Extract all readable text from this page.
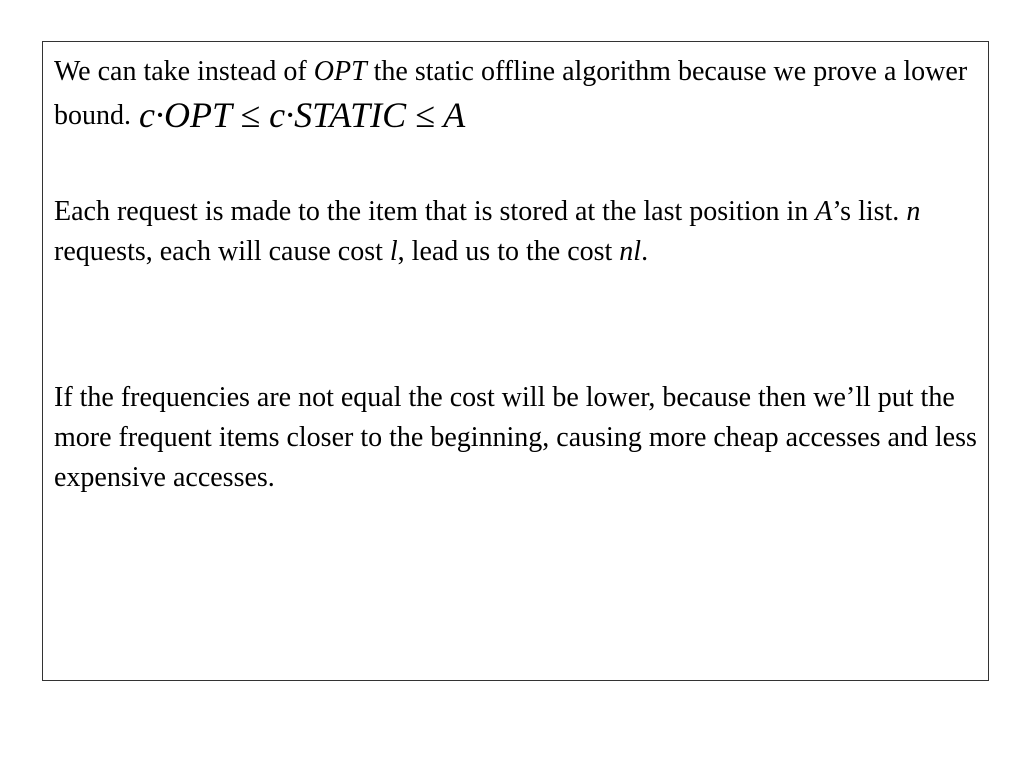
We can take instead of OPT the static offline algorithm because we prove a lower bound. c·OPT ≤ c·STATIC ≤ A

Each request is made to the item that is stored at the last position in A’s list. n requests, each will cause cost l, lead us to the cost nl.

If the frequencies are not equal the cost will be lower, because then we’ll put the more frequent items closer to the beginning, causing more cheap accesses and less expensive accesses.
